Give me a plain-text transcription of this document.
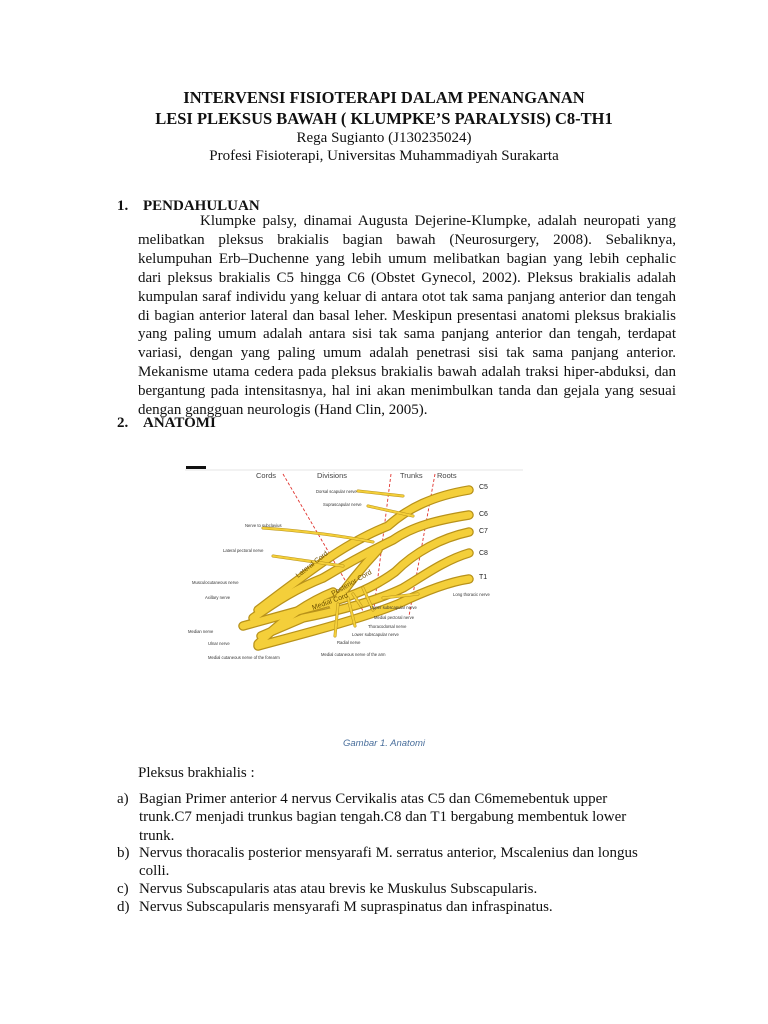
INTERVENSI FISIOTERAPI DALAM PENANGANAN
LESI PLEKSUS BAWAH ( KLUMPKE’S PARALYSIS) C8-TH1
Rega Sugianto (J130235024)
Profesi Fisioterapi, Universitas Muhammadiyah Surakarta
1. PENDAHULUAN
Klumpke palsy, dinamai Augusta Dejerine-Klumpke, adalah neuropati yang melibatkan pleksus brakialis bagian bawah (Neurosurgery, 2008). Sebaliknya, kelumpuhan Erb–Duchenne yang lebih umum melibatkan bagian yang lebih cephalic dari pleksus brakialis C5 hingga C6 (Obstet Gynecol, 2002). Pleksus brakialis adalah kumpulan saraf individu yang keluar di antara otot tak sama panjang anterior dan tengah di bagian anterior lateral dan basal leher. Meskipun presentasi anatomi pleksus brakialis yang paling umum adalah antara sisi tak sama panjang anterior dan tengah, terdapat variasi, dengan yang paling umum adalah penetrasi sisi tak sama panjang anterior. Mekanisme utama cedera pada pleksus brakialis bawah adalah traksi hiper-abduksi, dan bergantung pada intensitasnya, hal ini akan menimbulkan tanda dan gejala yang sesuai dengan gangguan neurologis (Hand Clin, 2005).
2. ANATOMI
Cords	Divisions	Trunks Roots
Lateral Cord
Posterior Cord
Medial Cord
C5
C6
C7
C8
T1
Dorsal scapular nerve
Suprascapular nerve
Nerve to subclavius
Lateral pectoral nerve
Musculocutaneous nerve
Axillary nerve
Median nerve
Ulnar nerve
Medial cutaneous nerve of the forearm
Long thoracic nerve
Upper subscapular nerve
Medial pectoral nerve
Thoracodorsal nerve
Lower subscapular nerve
Radial nerve
Medial cutaneous nerve of the arm
Gambar 1. Anatomi
Pleksus brakhialis :
a) Bagian Primer anterior 4 nervus Cervikalis atas C5 dan C6memebentuk upper
trunk.C7 menjadi trunkus bagian tengah.C8 dan T1 bergabung membentuk lower
trunk.
b) Nervus thoracalis posterior mensyarafi M. serratus anterior, Mscalenius dan longus
colli.
c) Nervus Subscapularis atas atau brevis ke Muskulus Subscapularis.
d) Nervus Subscapularis mensyarafi M supraspinatus dan infraspinatus.
